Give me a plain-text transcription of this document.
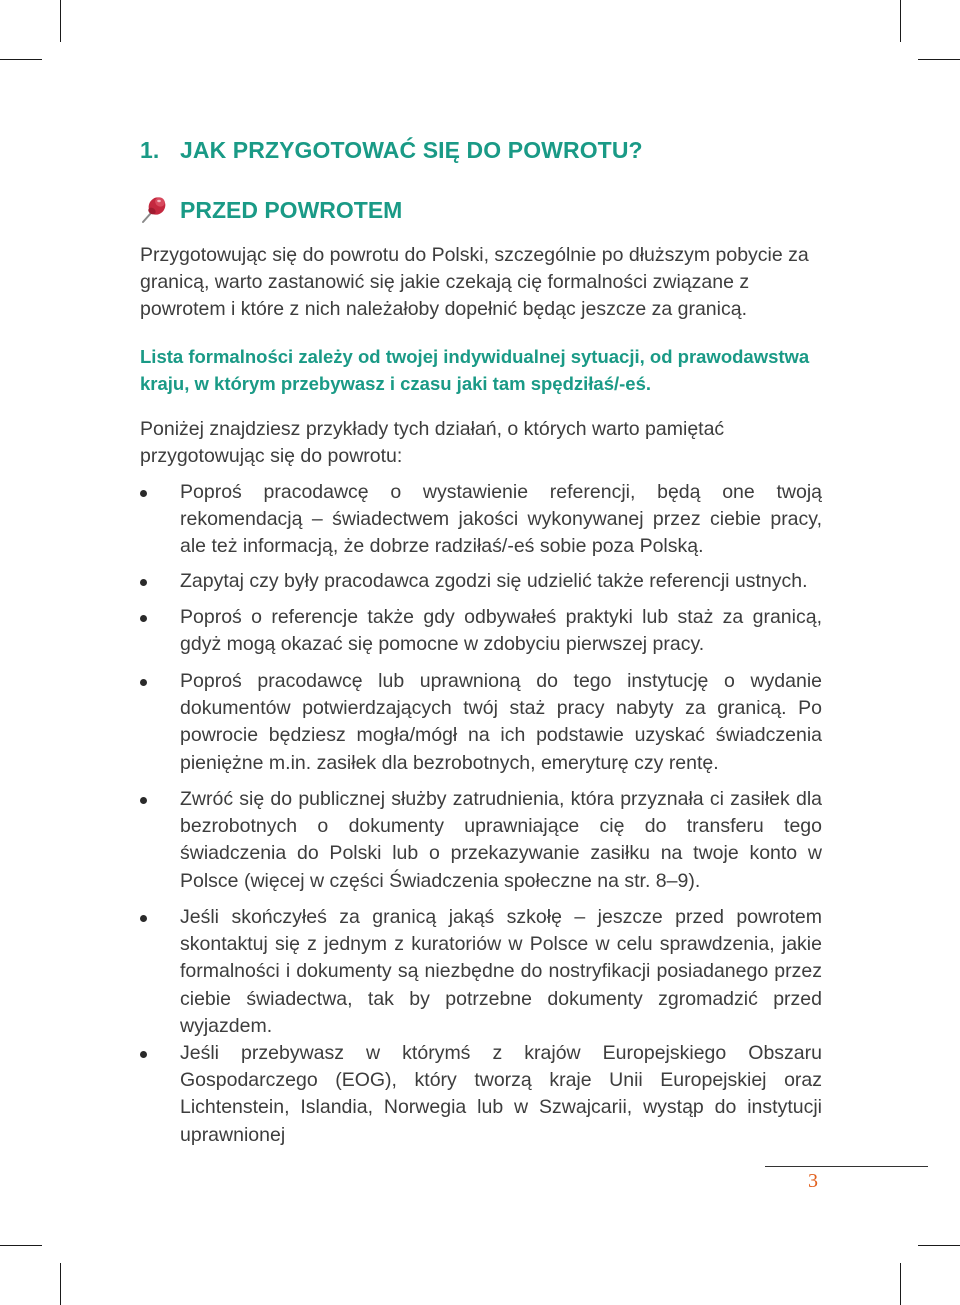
1. JAK PRZYGOTOWAĆ SIĘ DO POWROTU?
PRZED POWROTEM

Przygotowując się do powrotu do Polski, szczególnie po dłuższym pobycie za granicą, warto zastanowić się jakie czekają cię formalności związane z powrotem i które z nich należałoby dopełnić będąc jeszcze za granicą.

Lista formalności zależy od twojej indywidualnej sytuacji, od prawodawstwa kraju, w którym przebywasz i czasu jaki tam spędziłaś/-eś.

Poniżej znajdziesz przykłady tych działań, o których warto pamiętać przygotowując się do powrotu:

Poproś pracodawcę o wystawienie referencji, będą one twoją rekomendacją – świadectwem jakości wykonywanej przez ciebie pracy, ale też informacją, że dobrze radziłaś/-eś sobie poza Polską.
Zapytaj czy były pracodawca zgodzi się udzielić także referencji ustnych.
Poproś o referencje także gdy odbywałeś praktyki lub staż za granicą, gdyż mogą okazać się pomocne w zdobyciu pierwszej pracy.
Poproś pracodawcę lub uprawnioną do tego instytucję o wydanie dokumentów potwierdzających twój staż pracy nabyty za granicą. Po powrocie będziesz mogła/mógł na ich podstawie uzyskać świadczenia pieniężne m.in. zasiłek dla bezrobotnych, emeryturę czy rentę.
Zwróć się do publicznej służby zatrudnienia, która przyznała ci zasiłek dla bezrobotnych o dokumenty uprawniające cię do transferu tego świadczenia do Polski lub o przekazywanie zasiłku na twoje konto w Polsce (więcej w części Świadczenia społeczne na str. 8–9).
Jeśli skończyłeś za granicą jakąś szkołę – jeszcze przed powrotem skontaktuj się z jednym z kuratoriów w Polsce w celu sprawdzenia, jakie formalności i dokumenty są niezbędne do nostryfikacji posiadanego przez ciebie świadectwa, tak by potrzebne dokumenty zgromadzić przed wyjazdem.
Jeśli przebywasz w którymś z krajów Europejskiego Obszaru Gospodarczego (EOG), który tworzą kraje Unii Europejskiej oraz Lichtenstein, Islandia, Norwegia lub w Szwajcarii, wystąp do instytucji uprawnionej
3
